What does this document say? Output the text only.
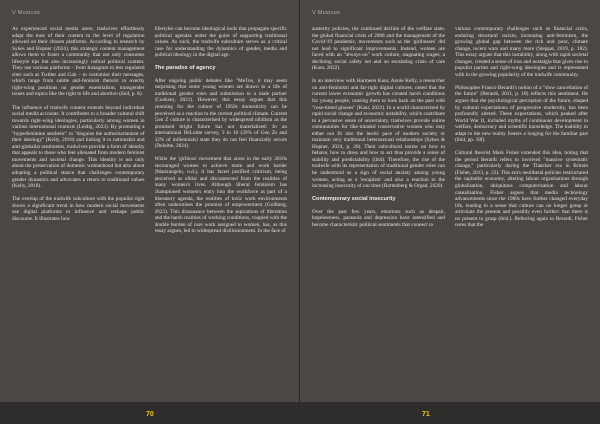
V Musicus

As experienced social media users, tradwives effortlessly adapt the tone of their content to the level of regulation allowed on their chosen platforms. According to research by Sykes and Hopner (2024), this strategic content management allows them to foster a community that not only consumes lifestyle tips but also increasingly radical political content. They use various platforms – from Instagram to less regulated sites such as Twitter and Gab – to customise their messages, which range from subtle anti-feminist rhetoric to overtly right-wing positions on gender essentialism, transgender issues and topics like the right to life and abortion (ibid, p. 8).

The influence of tradwife content extends beyond individual social media accounts. It contributes to a broader cultural shift towards right-wing ideologies, particularly among women in various international contexts (Leidig, 2023). By promoting a "hyperfeminine aesthetic" to "disguise the authoritarianism of their ideology" (Kelly, 2018) and linking it to nationalist and anti-globalist sentiments, tradwives provide a form of identity that appeals to those who feel alienated from modern feminist movements and societal change. This identity is not only about the preservation of domestic womanhood but also about adopting a political stance that challenges contemporary gender dynamics and advocates a return to traditional values (Kelly, 2018).

The overlap of the tradwife subculture with the populist right shows a significant trend in how modern social movements use digital platforms to influence and reshape public discourse. It illustrates how

lifestyles can become ideological tools that propagate specific political agendas under the guise of supporting traditional values. As such, the tradwife subculture serves as a critical case for understanding the dynamics of gender, media and political ideology in the digital age.

The paradox of agency

After ongoing public debates like "MeToo, it may seem surprising that some young women are drawn to a life of traditional gender roles and submission to a male partner (Cooksey, 2021). However, this essay argues that this yearning for the culture of 1950s domesticity can be perceived as a reaction to the current political climate. Current Gen Z culture is characterised by widespread nihilism as the promised bright future has not materialised: In an international DeLoitte survey, 3 in 10 (39% of Gen Zs and 32% of millennials) state they do not feel financially secure (Deloitte, 2024).

While the 'girlboss' movement that arose in the early 2010s encouraged women to achieve more and work harder (Mastrangelo, n.d.), it has faced justified criticism, being perceived as elitist and disconnected from the realities of many women's lives. Although liberal feminism has championed women's entry into the workforce as part of a liberatory agenda, the realities of toxic work environments often undermines the promise of empowerment (Gollberg, 2023). This dissonance between the aspirations of liberation and the harsh realities of working conditions, coupled with the double burden of care work assigned to women, has, as this essay argues, led to widespread disillusionment. In the face of

70
V Musicus

austerity policies, the continued decline of the welfare state, the global financial crisis of 2008 and the management of the Covid-19 pandemic, movements such as the 'girlbosses' did not lead to significant improvements. Instead, women are faced with an "always-on" work culture, stagnating wages, a declining social safety net and an escalating crisis of care (Kaur, 2022).

In an interview with Harmeen Kaur, Annie Kelly, a researcher on anti-feminism and far-right digital cultures, noted that the current lower economic growth has created harsh conditions for young people, causing them to look back on the past with "rose-tinted glasses" (Kaur, 2022). In a world characterised by rapid social change and economic instability, which contribute to a pervasive sense of uncertainty, tradwives provide online communities for like-minded conservative women who may either not fit into the hectic pace of modern society or maintain very traditional heterosexual relationships (Sykes & Hopner, 2024, p. 26). Their subcultural norms on how to behave, how to dress and how to act thus provide a sense of stability and predictability (ibid). Therefore, the rise of the tradwife with its representation of traditional gender roles can be understood as a sign of social anxiety among young women, acting as a 'escapism' and also a reaction to the increasing insecurity of our time (Rottenberg & Orgad, 2020).

Contemporary social insecurity

Over the past few years, emotions such as despair, hopelessness, paranoia and depression have intensified and become characteristic political sentiments that connect to

various contemporary challenges such as financial crisis, enduring structural racism, increasing anti-feminism, the growing global gap between the rich and poor, climate change, recent wars and many more (Steppat, 2019, p. 182). This essay argues that this instability, along with rapid societal changes, created a sense of loss and nostalgia that gives rise to populist parties and right-wing ideologies and is represented with in the growing popularity of the tradwife community.

Philosopher Franco Berardi's notion of a "slow cancellation of the future" (Berardi, 2011, p. 18) reflects this sentiment. He argues that the psychological perception of the future, shaped by cultural expectations of progressive modernity, has been profoundly altered. These expectations, which peaked after World War II, included myths of continuous development in welfare, democracy and scientific knowledge. The inability to adapt to the new reality fosters a longing for the familiar past (ibid, pp. 18f).

Cultural theorist Mark Fisher extended this idea, noting that the period Berardi refers to involved "massive systematic change," particularly during the Thatcher era in Britain (Fisher, 2013, p. 23). This era's neoliberal policies restructured the capitalist economy, altering labour organisations through globalisation, ubiquitous computerisation and labour casualisation. Fisher argues that media technology advancements since the 1980s have further changed everyday life, leading to a sense that culture can no longer grasp or articulate the present and possibly even further: that there is no present to grasp (ibid.). Referring again to Berardi, Fisher notes that the

71
